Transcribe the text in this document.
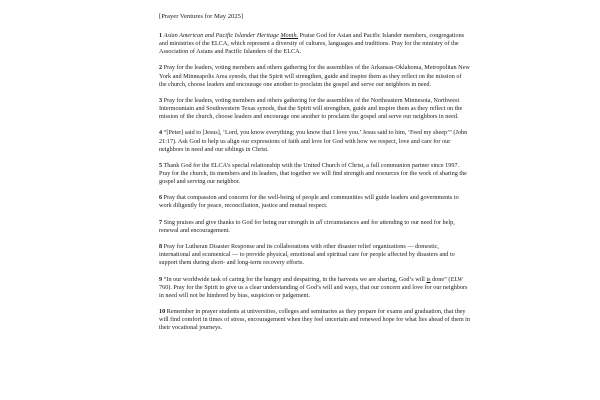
[Prayer Ventures for May 2025]

1 Asian American and Pacific Islander Heritage Month. Praise God for Asian and Pacific Islander members, congregations and ministries of the ELCA, which represent a diversity of cultures, languages and traditions. Pray for the ministry of the Association of Asians and Pacific Islanders of the ELCA.

2 Pray for the leaders, voting members and others gathering for the assemblies of the Arkansas-Oklahoma, Metropolitan New York and Minneapolis Area synods, that the Spirit will strengthen, guide and inspire them as they reflect on the mission of the church, choose leaders and encourage one another to proclaim the gospel and serve our neighbors in need.

3 Pray for the leaders, voting members and others gathering for the assemblies of the Northeastern Minnesota, Northwest Intermountain and Southwestern Texas synods, that the Spirit will strengthen, guide and inspire them as they reflect on the mission of the church, choose leaders and encourage one another to proclaim the gospel and serve our neighbors in need.

4 “[Peter] said to [Jesus], ‘Lord, you know everything; you know that I love you.’ Jesus said to him, ‘Feed my sheep’” (John 21:17). Ask God to help us align our expressions of faith and love for God with how we respect, love and care for our neighbors in need and our siblings in Christ.

5 Thank God for the ELCA’s special relationship with the United Church of Christ, a full communion partner since 1997. Pray for the church, its members and its leaders, that together we will find strength and resources for the work of sharing the gospel and serving our neighbor.

6 Pray that compassion and concern for the well-being of people and communities will guide leaders and governments to work diligently for peace, reconciliation, justice and mutual respect.

7 Sing praises and give thanks to God for being our strength in all circumstances and for attending to our need for help, renewal and encouragement.

8 Pray for Lutheran Disaster Response and its collaborations with other disaster relief organizations — domestic, international and ecumenical — to provide physical, emotional and spiritual care for people affected by disasters and to support them during short- and long-term recovery efforts.

9 “In our worldwide task of caring for the hungry and despairing, in the harvests we are sharing, God’s will is done” (ELW 760). Pray for the Spirit to give us a clear understanding of God’s will and ways, that our concern and love for our neighbors in need will not be hindered by bias, suspicion or judgement.

10 Remember in prayer students at universities, colleges and seminaries as they prepare for exams and graduation, that they will find comfort in times of stress, encouragement when they feel uncertain and renewed hope for what lies ahead of them in their vocational journeys.
